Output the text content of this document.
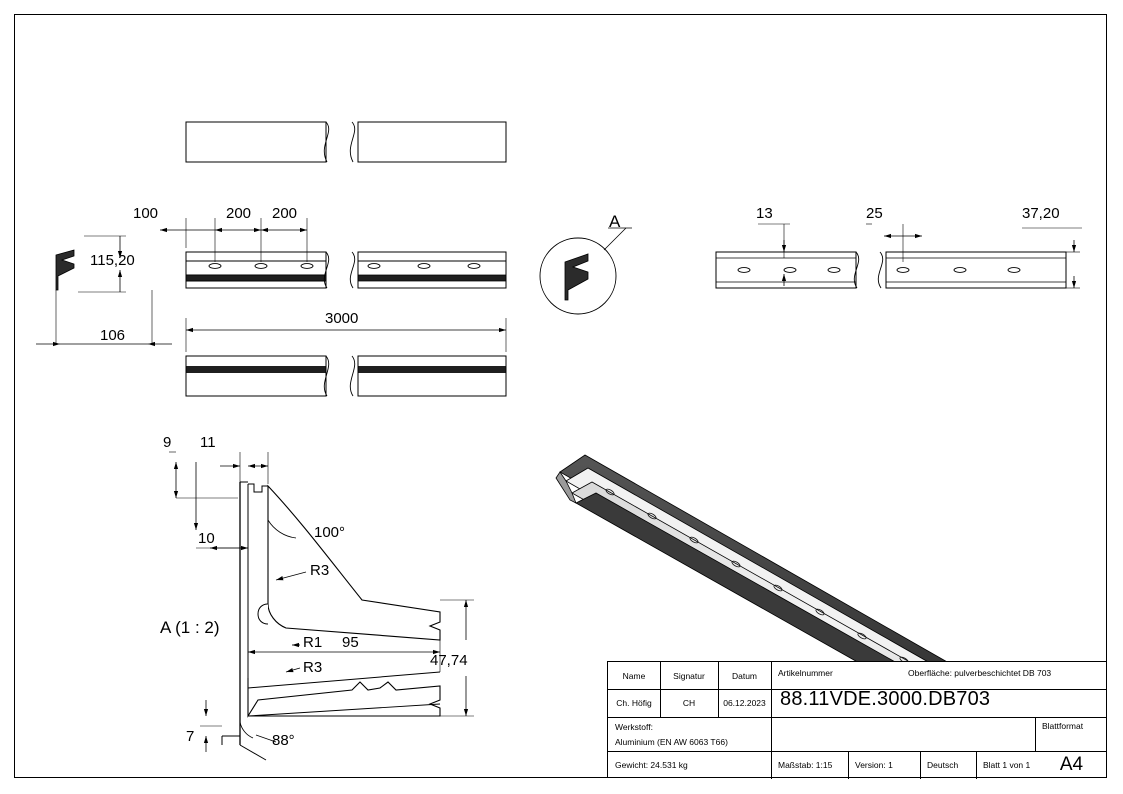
100	200 200
115,20
106
3000
13	25	37,20
9 11
10
7
95
47,74
100°
88°
R3
R1
R3
A (1 : 2)
A
Name	Signatur	Datum	Artikelnummer	Oberfläche: pulverbeschichtet DB 703
Ch. Höfig	CH	06.12.2023 88.11VDE.3000.DB703
Werkstoff:
Aluminium (EN AW 6063 T66)
Blattformat
A4
Gewicht: 24.531 kg	Maßstab: 1:15	Version: 1	Deutsch	Blatt 1 von 1
